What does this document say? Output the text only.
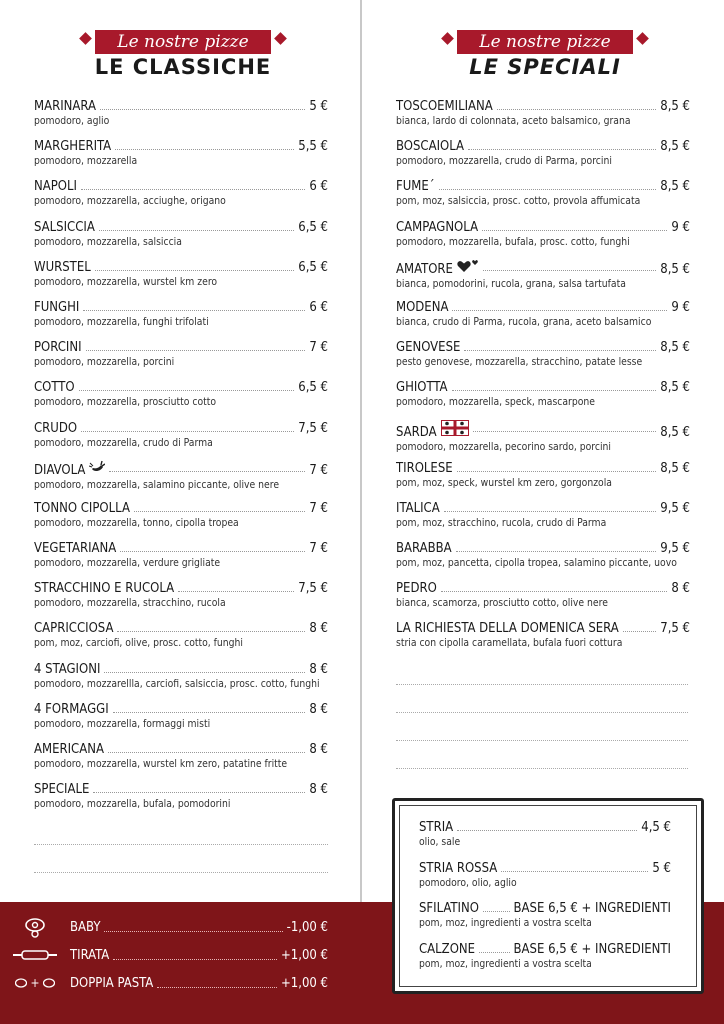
Le nostre pizze
LE CLASSICHE
Le nostre pizze
LE SPECIALI
MARINARA	5 €
pomodoro, aglio
MARGHERITA	5,5 €
pomodoro, mozzarella
NAPOLI	6 €
pomodoro, mozzarella, acciughe, origano
SALSICCIA	6,5 €
pomodoro, mozzarella, salsiccia
WURSTEL	6,5 €
pomodoro, mozzarella, wurstel km zero
FUNGHI	6 €
pomodoro, mozzarella, funghi trifolati
PORCINI	7 €
pomodoro, mozzarella, porcini
COTTO	6,5 €
pomodoro, mozzarella, prosciutto cotto
CRUDO	7,5 €
pomodoro, mozzarella, crudo di Parma
DIAVOLA	7 €
pomodoro, mozzarella, salamino piccante, olive nere
TONNO CIPOLLA	7 €
pomodoro, mozzarella, tonno, cipolla tropea
VEGETARIANA	7 €
pomodoro, mozzarella, verdure grigliate
STRACCHINO E RUCOLA	7,5 €
pomodoro, mozzarella, stracchino, rucola
CAPRICCIOSA	8 €
pom, moz, carciofi, olive, prosc. cotto, funghi
4 STAGIONI	8 €
pomodoro, mozzarellla, carciofi, salsiccia, prosc. cotto, funghi
4 FORMAGGI	8 €
pomodoro, mozzarella, formaggi misti
AMERICANA	8 €
pomodoro, mozzarella, wurstel km zero, patatine fritte
SPECIALE	8 €
pomodoro, mozzarella, bufala, pomodorini
TOSCOEMILIANA	8,5 €
bianca, lardo di colonnata, aceto balsamico, grana
BOSCAIOLA	8,5 €
pomodoro, mozzarella, crudo di Parma, porcini
FUME´	8,5 €
pom, moz, salsiccia, prosc. cotto, provola affumicata
CAMPAGNOLA	9 €
pomodoro, mozzarella, bufala, prosc. cotto, funghi
AMATORE	8,5 €
bianca, pomodorini, rucola, grana, salsa tartufata
MODENA	9 €
bianca, crudo di Parma, rucola, grana, aceto balsamico
GENOVESE	8,5 €
pesto genovese, mozzarella, stracchino, patate lesse
GHIOTTA	8,5 €
pomodoro, mozzarella, speck, mascarpone
SARDA	8,5 €
pomodoro, mozzarella, pecorino sardo, porcini
TIROLESE	8,5 €
pom, moz, speck, wurstel km zero, gorgonzola
ITALICA	9,5 €
pom, moz, stracchino, rucola, crudo di Parma
BARABBA	9,5 €
pom, moz, pancetta, cipolla tropea, salamino piccante, uovo
PEDRO	8 €
bianca, scamorza, prosciutto cotto, olive nere
LA RICHIESTA DELLA DOMENICA SERA	7,5 €
stria con cipolla caramellata, bufala fuori cottura
BABY	-1,00 €
TIRATA	+1,00 €
+ DOPPIA PASTA	+1,00 €
STRIA	4,5 €
olio, sale
STRIA ROSSA	5 €
pomodoro, olio, aglio
SFILATINO	BASE 6,5 € + INGREDIENTI
pom, moz, ingredienti a vostra scelta
CALZONE	BASE 6,5 € + INGREDIENTI
pom, moz, ingredienti a vostra scelta
